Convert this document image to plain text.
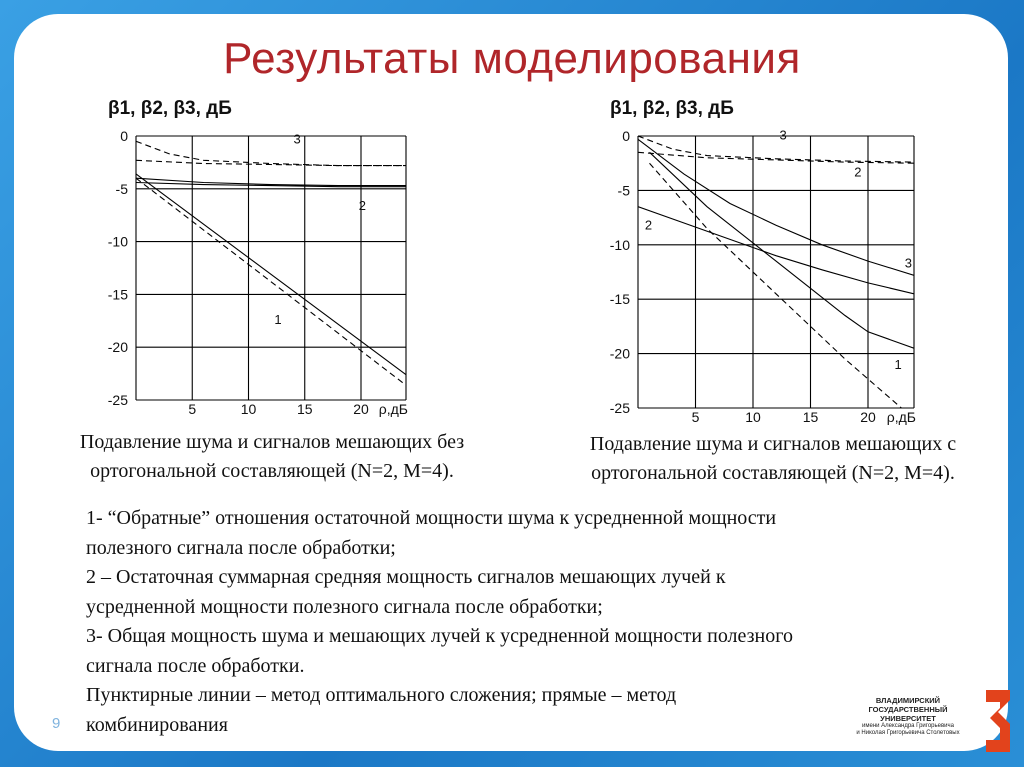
Результаты моделирования
0
-5
-10
-15
-20
-25
5	10	15	20 ρ,дБ
β1, β2, β3, дБ
3
2
1
0
-5
-10
-15
-20
-25
5	10	15	20 ρ,дБ
β1, β2, β3, дБ
3
2
2
3
1
Подавление шума и сигналов мешающих без
ортогональной составляющей (N=2, M=4).
Подавление шума и сигналов мешающих с
ортогональной составляющей (N=2, M=4).
1- “Обратные” отношения остаточной мощности шума к усредненной мощности
полезного сигнала после обработки;
2 – Остаточная суммарная средняя мощность сигналов мешающих лучей к
усредненной мощности полезного сигнала после обработки;
3- Общая мощность шума и мешающих лучей к усредненной мощности полезного
сигнала после обработки.
Пунктирные линии – метод оптимального сложения; прямые – метод
комбинирования
9
ВЛАДИМИРСКИЙ
ГОСУДАРСТВЕННЫЙ
УНИВЕРСИТЕТ
имени Александра Григорьевича
и Николая Григорьевича Столетовых
